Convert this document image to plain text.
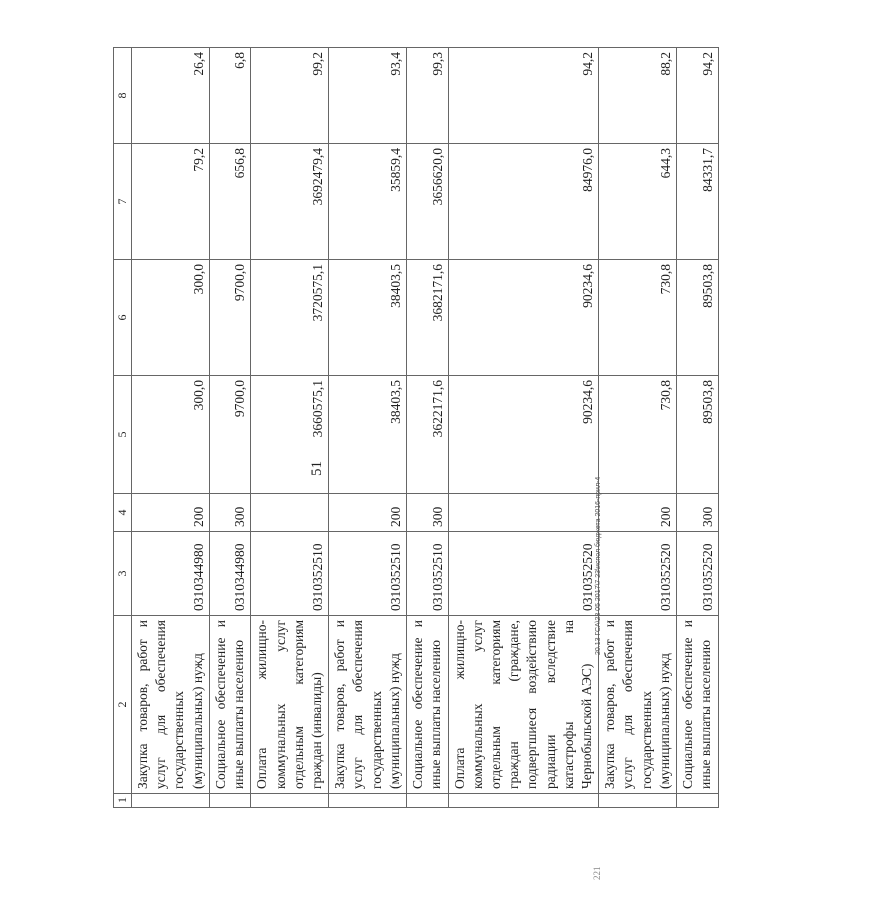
51
1	2	3	4	5	6	7	8
	Закупка товаров, работ и услуг для обеспечения государственных (муниципальных) нужд	0310344980	200	300,0	300,0	79,2	26,4
	Социальное обеспечение и иные выплаты населению	0310344980	300	9700,0	9700,0	656,8	6,8
	Оплата жилищно-коммунальных услуг отдельным категориям граждан (инвалиды)	0310352510		3660575,1	3720575,1	3692479,4	99,2
	Закупка товаров, работ и услуг для обеспечения государственных (муниципальных) нужд	0310352510	200	38403,5	38403,5	35859,4	93,4
	Социальное обеспечение и иные выплаты населению	0310352510	300	3622171,6	3682171,6	3656620,0	99,3
	Оплата жилищно-коммунальных услуг отдельным категориям граждан (граждане, подвергшиеся воздействию радиации вследствие катастрофы на Чернобыльской АЭС)	0310352520		90234,6	90234,6	84976,0	94,2
	Закупка товаров, работ и услуг для обеспечения государственных (муниципальных) нужд	0310352520	200	730,8	730,8	644,3	88,2
	Социальное обеспечение и иные выплаты населению	0310352520	300	89503,8	89503,8	84331,7	94,2
20.13 ГСА\23 05 2017\7 23\испол бюджета 2016-прил-4
221
